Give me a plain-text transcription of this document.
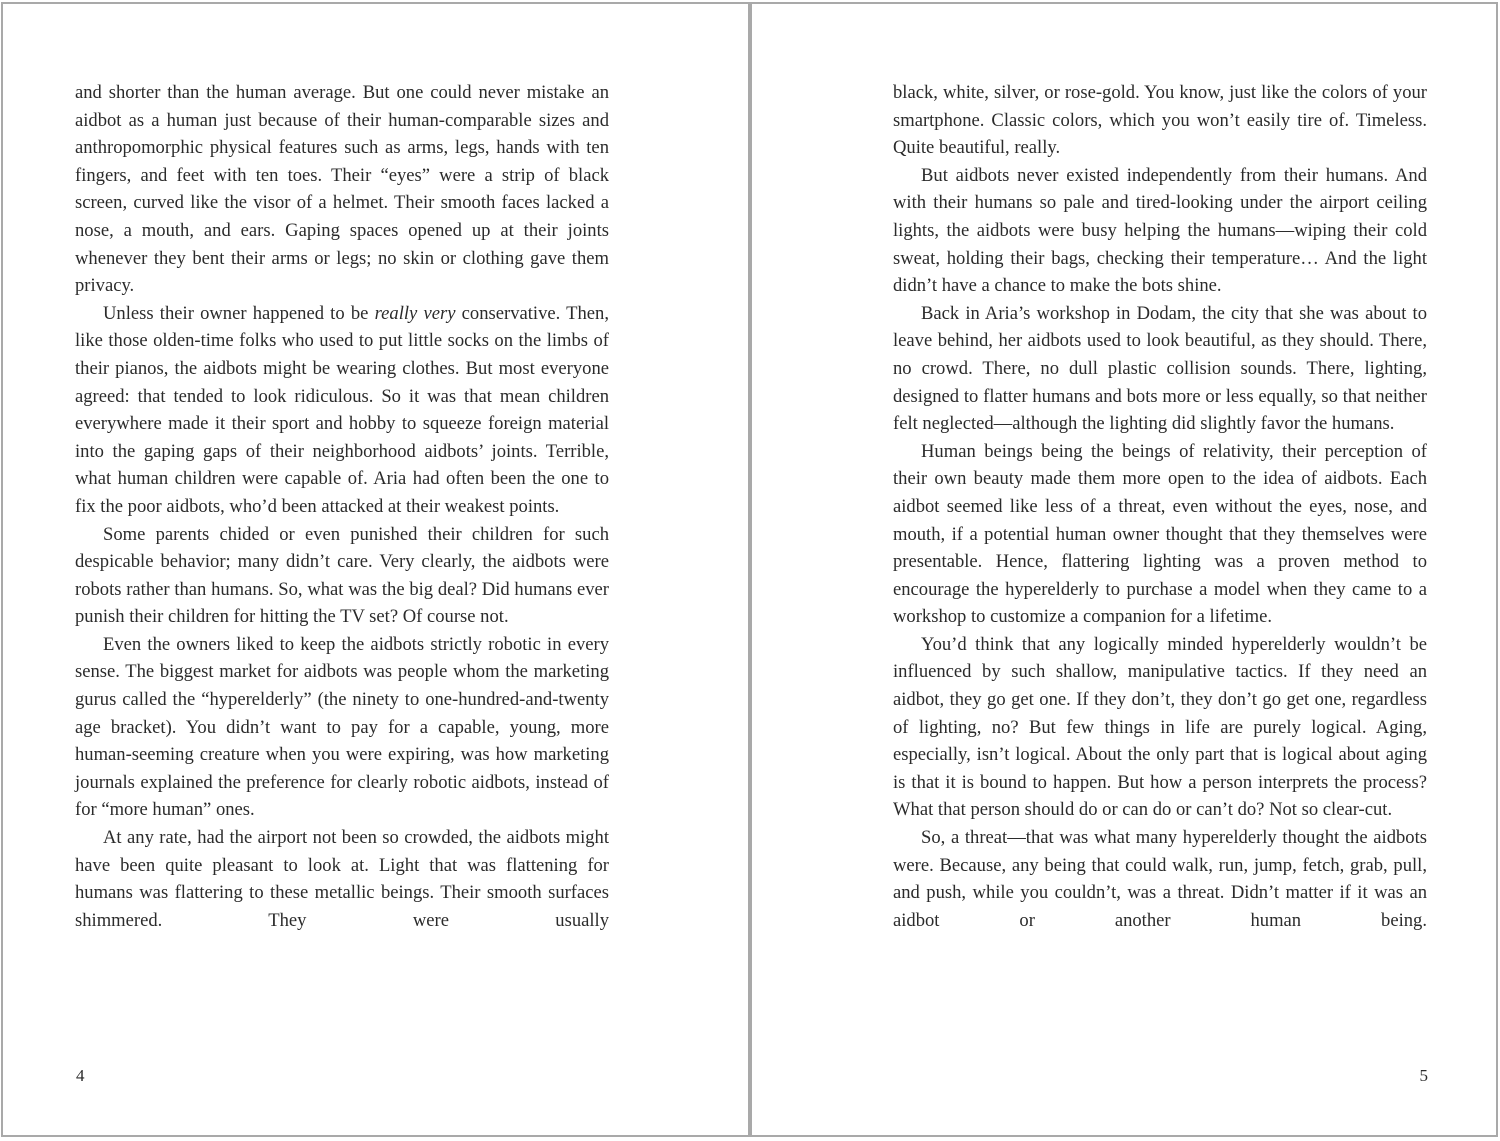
and shorter than the human average. But one could never mistake an aidbot as a human just because of their human-comparable sizes and anthropomorphic physical features such as arms, legs, hands with ten fingers, and feet with ten toes. Their “eyes” were a strip of black screen, curved like the visor of a helmet. Their smooth faces lacked a nose, a mouth, and ears. Gaping spaces opened up at their joints whenever they bent their arms or legs; no skin or clothing gave them privacy.

Unless their owner happened to be really very conservative. Then, like those olden-time folks who used to put little socks on the limbs of their pianos, the aidbots might be wearing clothes. But most everyone agreed: that tended to look ridiculous. So it was that mean children everywhere made it their sport and hobby to squeeze foreign material into the gaping gaps of their neighborhood aidbots’ joints. Terrible, what human children were capable of. Aria had often been the one to fix the poor aidbots, who’d been attacked at their weakest points.

Some parents chided or even punished their children for such despicable behavior; many didn’t care. Very clearly, the aidbots were robots rather than humans. So, what was the big deal? Did humans ever punish their children for hitting the TV set? Of course not.

Even the owners liked to keep the aidbots strictly robotic in every sense. The biggest market for aidbots was people whom the marketing gurus called the “hyperelderly” (the ninety to one-hundred-and-twenty age bracket). You didn’t want to pay for a capable, young, more human-seeming creature when you were expiring, was how marketing journals explained the preference for clearly robotic aidbots, instead of for “more human” ones.

At any rate, had the airport not been so crowded, the aidbots might have been quite pleasant to look at. Light that was flattening for humans was flattering to these metallic beings. Their smooth surfaces shimmered. They were usually

4

black, white, silver, or rose-gold. You know, just like the colors of your smartphone. Classic colors, which you won’t easily tire of. Timeless. Quite beautiful, really.

But aidbots never existed independently from their humans. And with their humans so pale and tired-looking under the airport ceiling lights, the aidbots were busy helping the humans—wiping their cold sweat, holding their bags, checking their temperature… And the light didn’t have a chance to make the bots shine.

Back in Aria’s workshop in Dodam, the city that she was about to leave behind, her aidbots used to look beautiful, as they should. There, no crowd. There, no dull plastic collision sounds. There, lighting, designed to flatter humans and bots more or less equally, so that neither felt neglected—although the lighting did slightly favor the humans.

Human beings being the beings of relativity, their perception of their own beauty made them more open to the idea of aidbots. Each aidbot seemed like less of a threat, even without the eyes, nose, and mouth, if a potential human owner thought that they themselves were presentable. Hence, flattering lighting was a proven method to encourage the hyperelderly to purchase a model when they came to a workshop to customize a companion for a lifetime.

You’d think that any logically minded hyperelderly wouldn’t be influenced by such shallow, manipulative tactics. If they need an aidbot, they go get one. If they don’t, they don’t go get one, regardless of lighting, no? But few things in life are purely logical. Aging, especially, isn’t logical. About the only part that is logical about aging is that it is bound to happen. But how a person interprets the process? What that person should do or can do or can’t do? Not so clear-cut.

So, a threat—that was what many hyperelderly thought the aidbots were. Because, any being that could walk, run, jump, fetch, grab, pull, and push, while you couldn’t, was a threat. Didn’t matter if it was an aidbot or another human being.

5
